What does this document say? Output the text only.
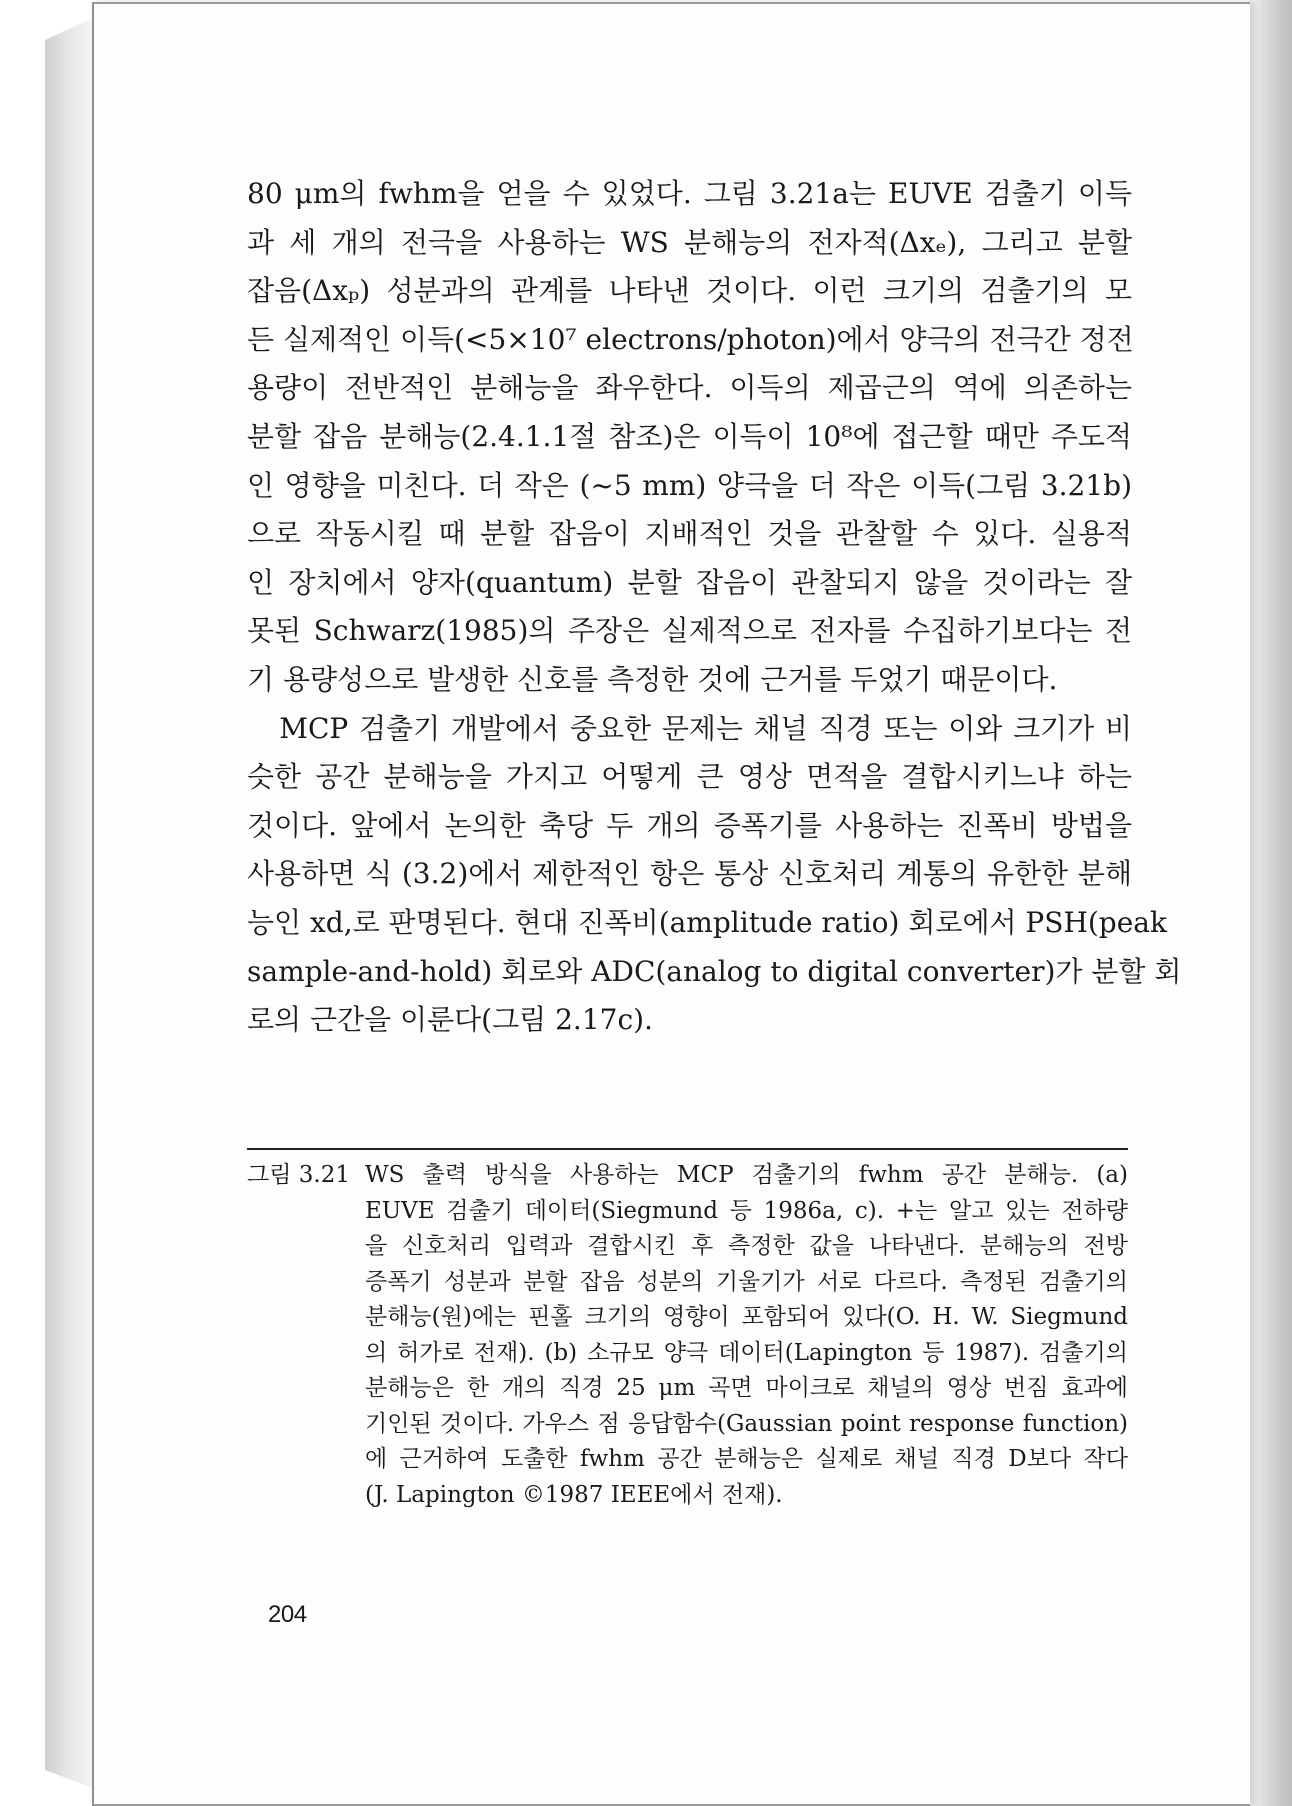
80 μm의 fwhm을 얻을 수 있었다. 그림 3.21a는 EUVE 검출기 이득
과 세 개의 전극을 사용하는 WS 분해능의 전자적(Δxₑ), 그리고 분할
잡음(Δxₚ) 성분과의 관계를 나타낸 것이다. 이런 크기의 검출기의 모
든 실제적인 이득(<5×10⁷ electrons/photon)에서 양극의 전극간 정전
용량이 전반적인 분해능을 좌우한다. 이득의 제곱근의 역에 의존하는
분할 잡음 분해능(2.4.1.1절 참조)은 이득이 10⁸에 접근할 때만 주도적
인 영향을 미친다. 더 작은 (~5 mm) 양극을 더 작은 이득(그림 3.21b)
으로 작동시킬 때 분할 잡음이 지배적인 것을 관찰할 수 있다. 실용적
인 장치에서 양자(quantum) 분할 잡음이 관찰되지 않을 것이라는 잘
못된 Schwarz(1985)의 주장은 실제적으로 전자를 수집하기보다는 전
기 용량성으로 발생한 신호를 측정한 것에 근거를 두었기 때문이다.
MCP 검출기 개발에서 중요한 문제는 채널 직경 또는 이와 크기가 비
슷한 공간 분해능을 가지고 어떻게 큰 영상 면적을 결합시키느냐 하는
것이다. 앞에서 논의한 축당 두 개의 증폭기를 사용하는 진폭비 방법을
사용하면 식 (3.2)에서 제한적인 항은 통상 신호처리 계통의 유한한 분해
능인 xd,로 판명된다. 현대 진폭비(amplitude ratio) 회로에서 PSH(peak
sample-and-hold) 회로와 ADC(analog to digital converter)가 분할 회
로의 근간을 이룬다(그림 2.17c).
그림 3.21 WS 출력 방식을 사용하는 MCP 검출기의 fwhm 공간 분해능. (a)
EUVE 검출기 데이터(Siegmund 등 1986a, c). +는 알고 있는 전하량
을 신호처리 입력과 결합시킨 후 측정한 값을 나타낸다. 분해능의 전방
증폭기 성분과 분할 잡음 성분의 기울기가 서로 다르다. 측정된 검출기의
분해능(원)에는 핀홀 크기의 영향이 포함되어 있다(O. H. W. Siegmund
의 허가로 전재). (b) 소규모 양극 데이터(Lapington 등 1987). 검출기의
분해능은 한 개의 직경 25 μm 곡면 마이크로 채널의 영상 번짐 효과에
기인된 것이다. 가우스 점 응답함수(Gaussian point response function)
에 근거하여 도출한 fwhm 공간 분해능은 실제로 채널 직경 D보다 작다
(J. Lapington ©1987 IEEE에서 전재).
204
